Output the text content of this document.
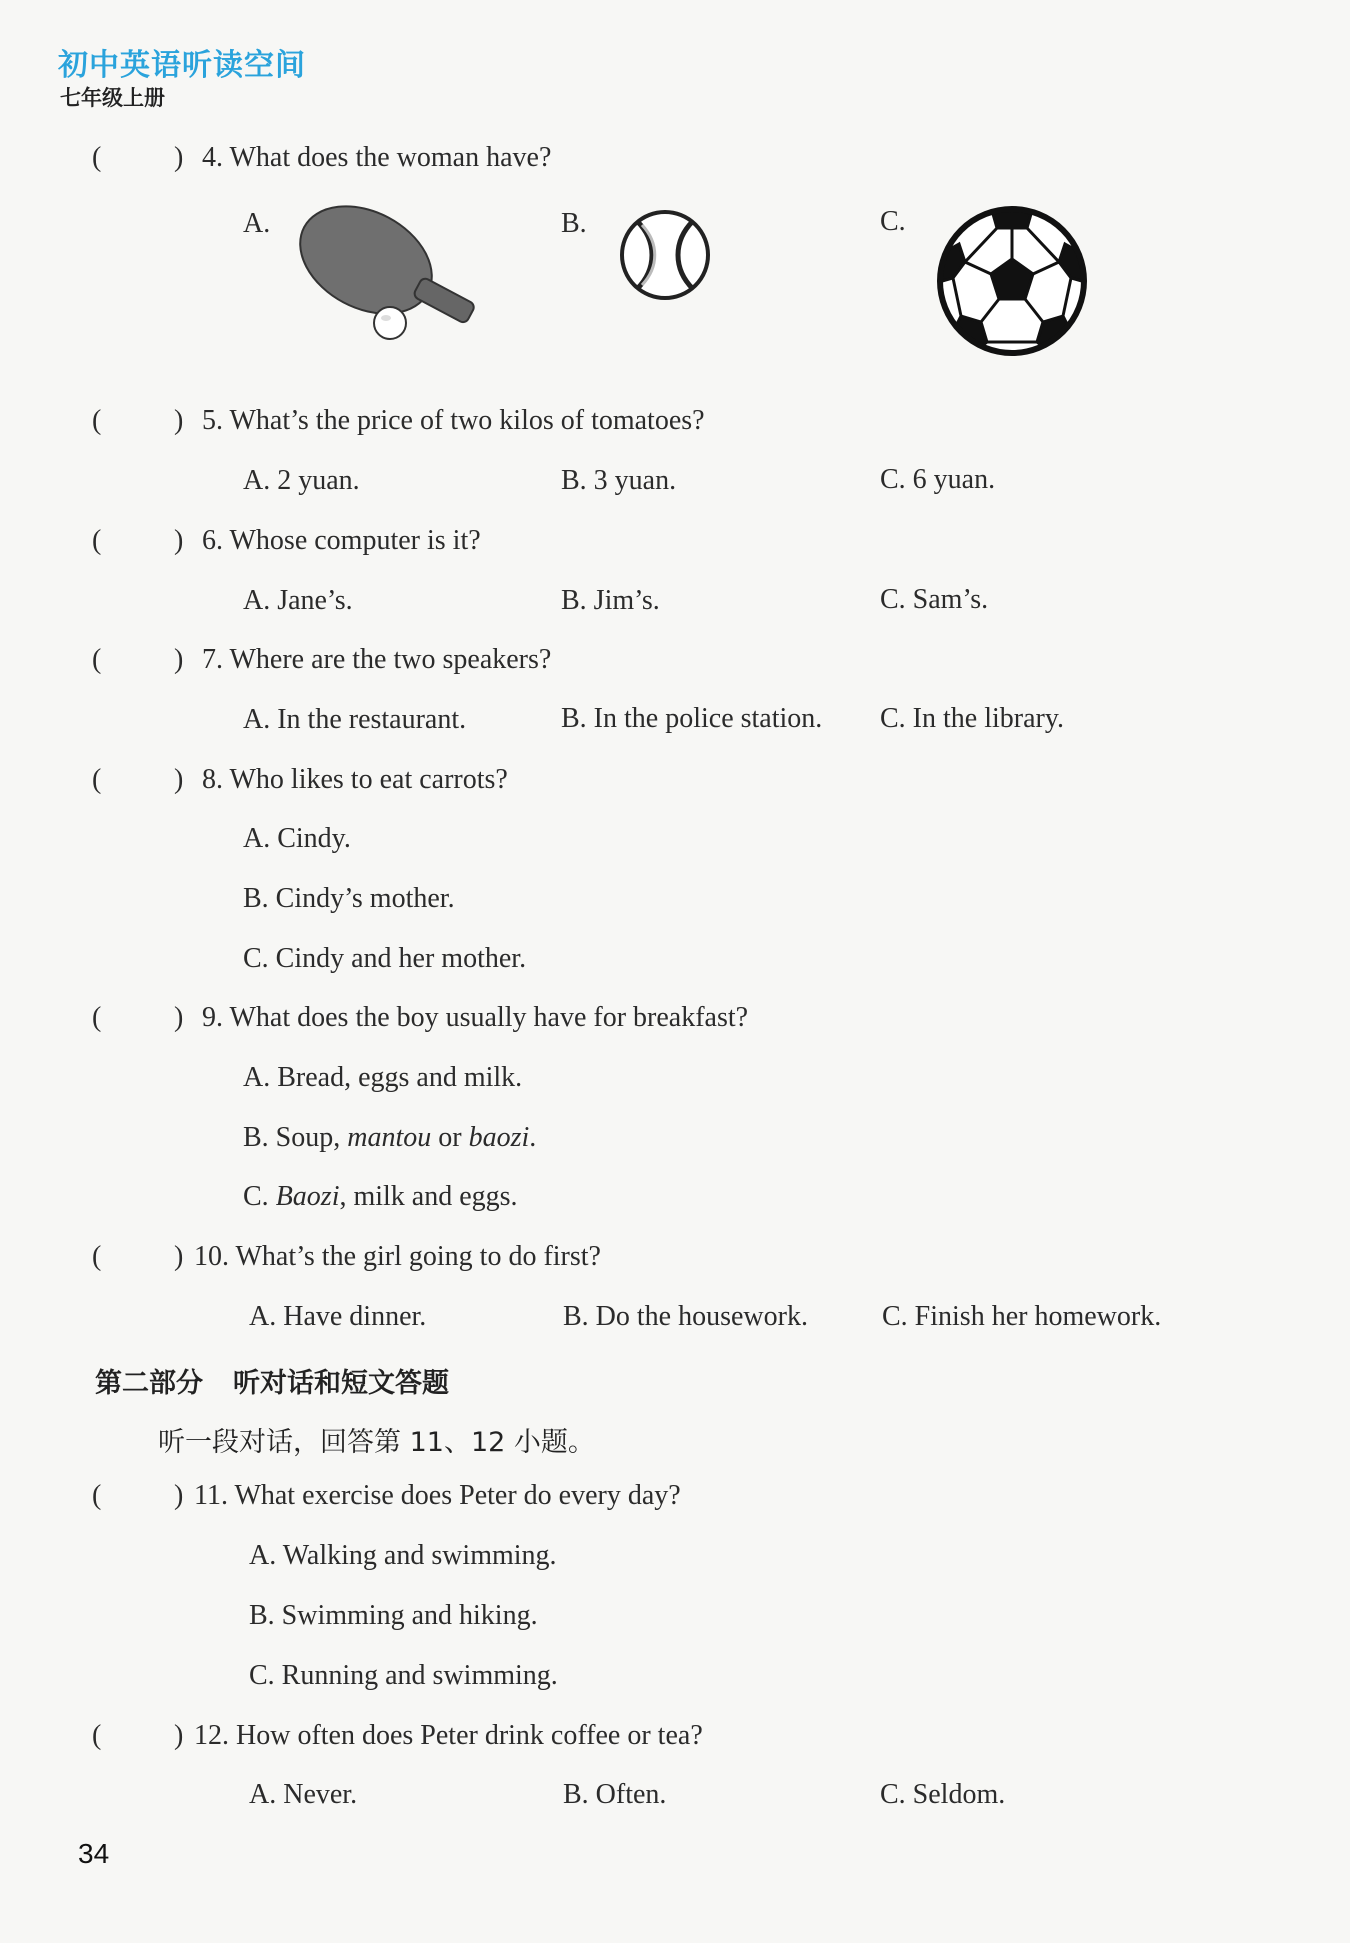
初中英语听读空间
七年级上册
(	) 4. What does the woman have?
A.	B.	C.
(	) 5. What’s the price of two kilos of tomatoes?
A. 2 yuan.	B. 3 yuan.	C. 6 yuan.
(	) 6. Whose computer is it?
A. Jane’s.	B. Jim’s.	C. Sam’s.
(	) 7. Where are the two speakers?
A. In the restaurant.	B. In the police station. C. In the library.
(	) 8. Who likes to eat carrots?
A. Cindy.
B. Cindy’s mother.
C. Cindy and her mother.
(	) 9. What does the boy usually have for breakfast?
A. Bread, eggs and milk.
B. Soup, mantou or baozi.
C. Baozi, milk and eggs.
(	) 10. What’s the girl going to do first?
A. Have dinner.	B. Do the housework.	C. Finish her homework.
第二部分 听对话和短文答题
听一段对话，回答第 11、12 小题。
(	) 11. What exercise does Peter do every day?
A. Walking and swimming.
B. Swimming and hiking.
C. Running and swimming.
(	) 12. How often does Peter drink coffee or tea?
A. Never.	B. Often.	C. Seldom.
34
